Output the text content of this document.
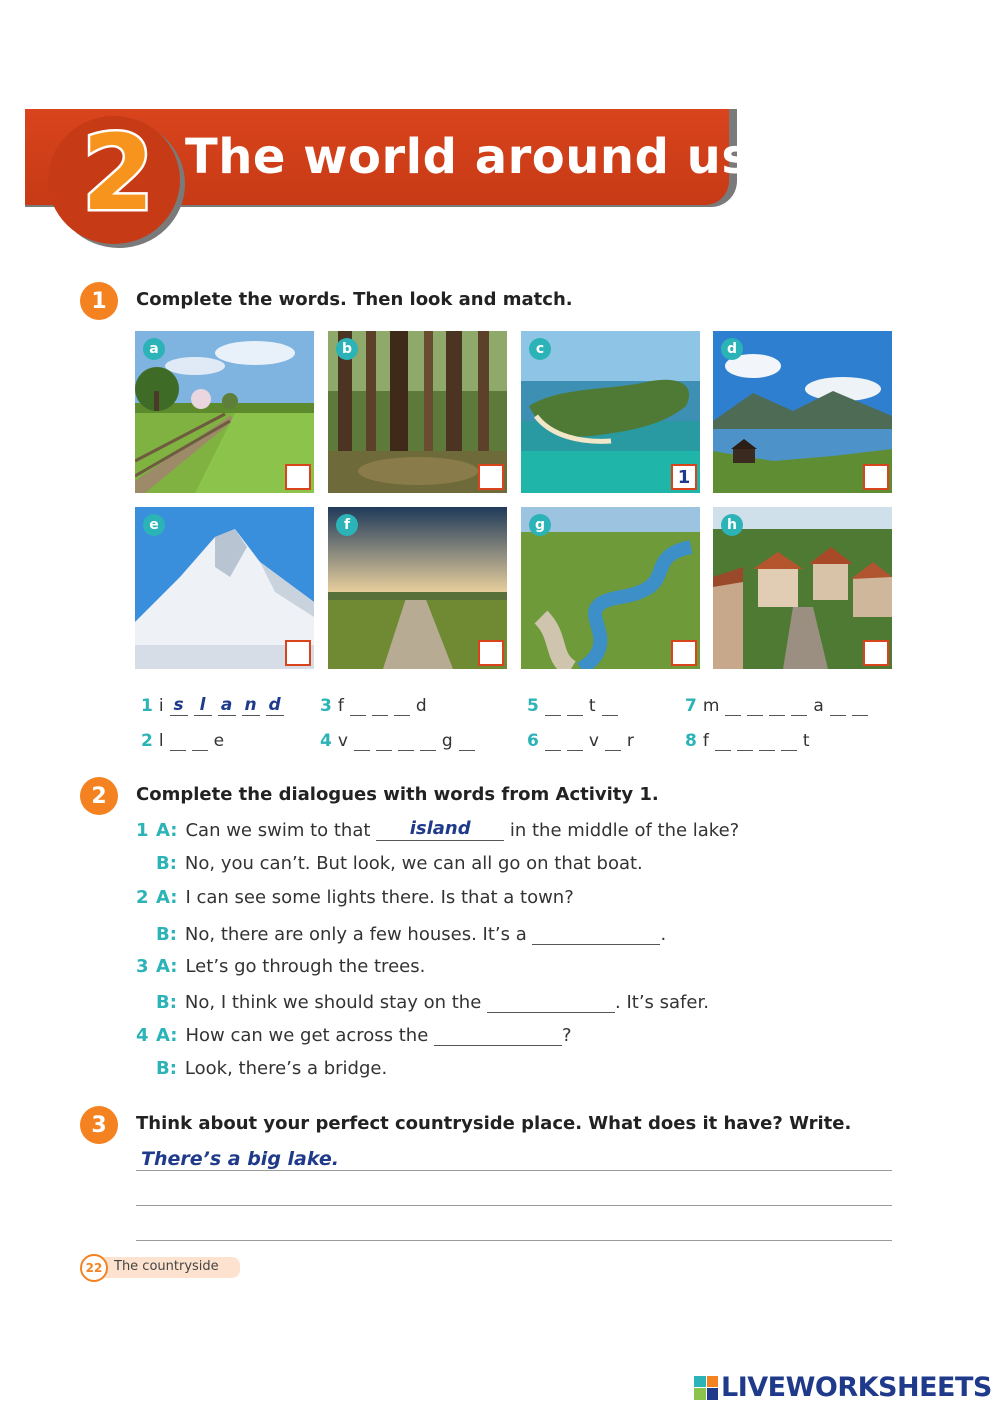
2 The world around us
1	Complete the words. Then look and match.
a	b	c
1
d
e	f	g	h
1 i s l a n d
2 l	e
3 f	d
4 v	g
5	t
6	v r
7 m	a
8 f	t
2	Complete the dialogues with words from Activity 1.
1 A: Can we swim to that island in the middle of the lake?
B: No, you can’t. But look, we can all go on that boat.
2 A: I can see some lights there. Is that a town?
B: No, there are only a few houses. It’s a	.
3 A: Let’s go through the trees.
B: No, I think we should stay on the	. It’s safer.
4 A: How can we get across the	?
B: Look, there’s a bridge.
3	Think about your perfect countryside place. What does it have? Write.
There’s a big lake.
22 The countryside
LIVEWORKSHEETS
